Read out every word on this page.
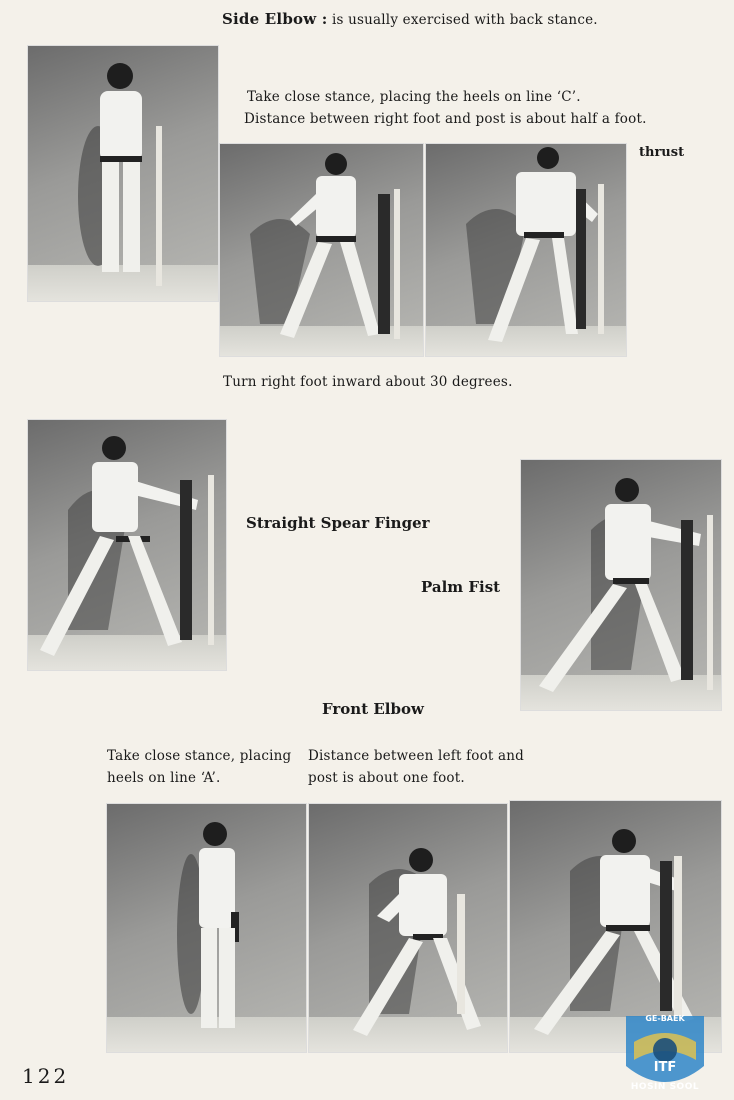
Side Elbow : is usually exercised with back stance.
Take close stance, placing the heels on line ‘C’.
Distance between right foot and post is about half a foot.
thrust
Turn right foot inward about 30 degrees.
Straight Spear Finger
Palm Fist
Front Elbow
Take close stance, placing
heels on line ‘A’.
Distance between left foot and
post is about one foot.
122
GE-BAEK
ITF
HOSIN SOOL
